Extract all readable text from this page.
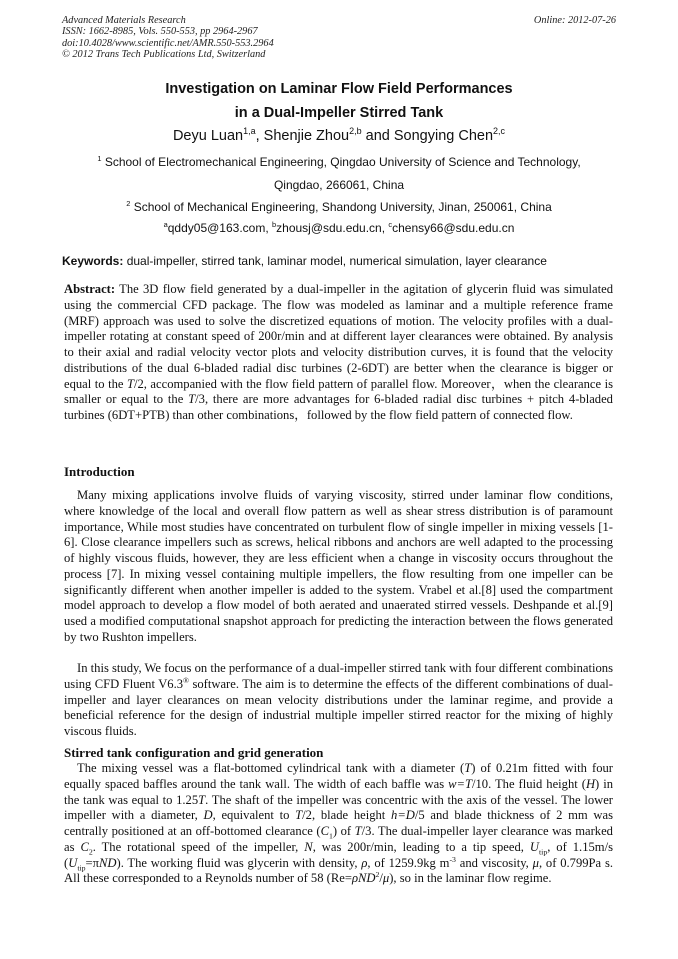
Advanced Materials Research
ISSN: 1662-8985, Vols. 550-553, pp 2964-2967
doi:10.4028/www.scientific.net/AMR.550-553.2964
© 2012 Trans Tech Publications Ltd, Switzerland
Online: 2012-07-26
Investigation on Laminar Flow Field Performances
in a Dual-Impeller Stirred Tank
Deyu Luan$^{1,a}$, Shenjie Zhou$^{2,b}$ and Songying Chen$^{2,c}$
$^1$ School of Electromechanical Engineering, Qingdao University of Science and Technology,
Qingdao, 266061, China
$^2$ School of Mechanical Engineering, Shandong University, Jinan, 250061, China
$^a$qddy05@163.com, $^b$zhousj@sdu.edu.cn, $^c$chensy66@sdu.edu.cn
Keywords: dual-impeller, stirred tank, laminar model, numerical simulation, layer clearance

Abstract: The 3D flow field generated by a dual-impeller in the agitation of glycerin fluid was simulated using the commercial CFD package. The flow was modeled as laminar and a multiple reference frame (MRF) approach was used to solve the discretized equations of motion. The velocity profiles with a dual-impeller rotating at constant speed of 200r/min and at different layer clearances were obtained. By analysis to their axial and radial velocity vector plots and velocity distribution curves, it is found that the velocity distributions of the dual 6-bladed radial disc turbines (2-6DT) are better when the clearance is bigger or equal to the T/2, accompanied with the flow field pattern of parallel flow. Moreover，when the clearance is smaller or equal to the T/3, there are more advantages for 6-bladed radial disc turbines + pitch 4-bladed turbines (6DT+PTB) than other combinations，followed by the flow field pattern of connected flow.

Introduction

Many mixing applications involve fluids of varying viscosity, stirred under laminar flow conditions, where knowledge of the local and overall flow pattern as well as shear stress distribution is of paramount importance, While most studies have concentrated on turbulent flow of single impeller in mixing vessels [1-6]. Close clearance impellers such as screws, helical ribbons and anchors are well adapted to the processing of highly viscous fluids, however, they are less efficient when a change in viscosity occurs throughout the process [7]. In mixing vessel containing multiple impellers, the flow resulting from one impeller can be significantly different when another impeller is added to the system. Vrabel et al.[8] used the compartment model approach to develop a flow model of both aerated and unaerated stirred vessels. Deshpande et al.[9] used a modified computational snapshot approach for predicting the interaction between the flows generated by two Rushton impellers.

In this study, We focus on the performance of a dual-impeller stirred tank with four different combinations using CFD Fluent V6.3® software. The aim is to determine the effects of the different combinations of dual-impeller and layer clearances on mean velocity distributions under the laminar regime, and provide a beneficial reference for the design of industrial multiple impeller stirred reactor for the mixing of highly viscous fluids.

Stirred tank configuration and grid generation

The mixing vessel was a flat-bottomed cylindrical tank with a diameter (T) of 0.21m fitted with four equally spaced baffles around the tank wall. The width of each baffle was w=T/10. The fluid height (H) in the tank was equal to 1.25T. The shaft of the impeller was concentric with the axis of the vessel. The lower impeller with a diameter, D, equivalent to T/2, blade height h=D/5 and blade thickness of 2 mm was centrally positioned at an off-bottomed clearance $(C_1)$ of T/3. The dual-impeller layer clearance was marked as $C_2$. The rotational speed of the impeller, N, was 200r/min, leading to a tip speed, $U_{tip}$, of 1.15m/s $(U_{tip}=\pi ND)$. The working fluid was glycerin with density, ρ, of 1259.9kg $m^{-3}$ and viscosity, μ, of 0.799Pa s. All these corresponded to a Reynolds number of 58 (Re=ρND$^2$/μ), so in the laminar flow regime.
